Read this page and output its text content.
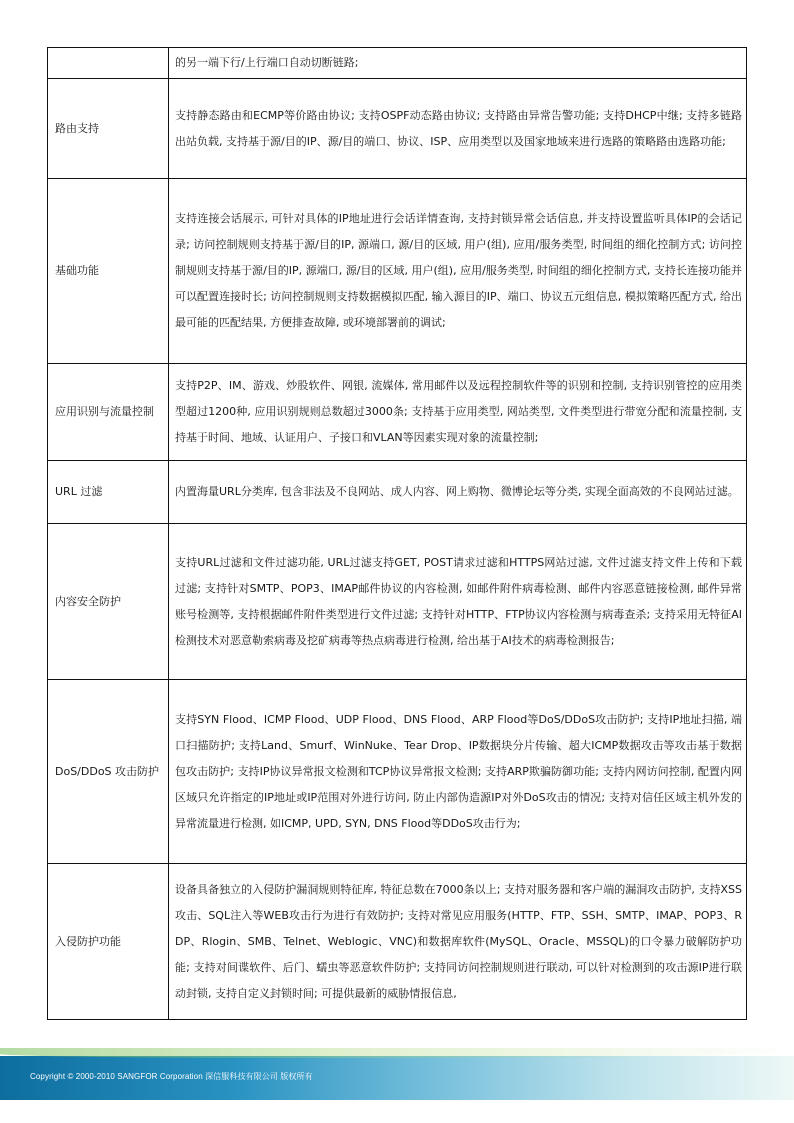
	的另一端下行/上行端口自动切断链路;
路由支持	支持静态路由和ECMP等价路由协议; 支持OSPF动态路由协议; 支持路由异常告警功能; 支持DHCP中继; 支持多链路出站负载, 支持基于源/目的IP、源/目的端口、协议、ISP、应用类型以及国家地域来进行选路的策略路由选路功能;
基础功能	支持连接会话展示, 可针对具体的IP地址进行会话详情查询, 支持封锁异常会话信息, 并支持设置监听具体IP的会话记录; 访问控制规则支持基于源/目的IP, 源端口, 源/目的区域, 用户(组), 应用/服务类型, 时间组的细化控制方式; 访问控制规则支持基于源/目的IP, 源端口, 源/目的区域, 用户(组), 应用/服务类型, 时间组的细化控制方式, 支持长连接功能并可以配置连接时长; 访问控制规则支持数据模拟匹配, 输入源目的IP、端口、协议五元组信息, 模拟策略匹配方式, 给出最可能的匹配结果, 方便排查故障, 或环境部署前的调试;
应用识别与流量控制	支持P2P、IM、游戏、炒股软件、网银, 流媒体, 常用邮件以及远程控制软件等的识别和控制, 支持识别管控的应用类型超过1200种, 应用识别规则总数超过3000条; 支持基于应用类型, 网站类型, 文件类型进行带宽分配和流量控制, 支持基于时间、地域、认证用户、子接口和VLAN等因素实现对象的流量控制;
URL 过滤	内置海量URL分类库, 包含非法及不良网站、成人内容、网上购物、微博论坛等分类, 实现全面高效的不良网站过滤。
内容安全防护	支持URL过滤和文件过滤功能, URL过滤支持GET, POST请求过滤和HTTPS网站过滤, 文件过滤支持文件上传和下载过滤; 支持针对SMTP、POP3、IMAP邮件协议的内容检测, 如邮件附件病毒检测、邮件内容恶意链接检测, 邮件异常账号检测等, 支持根据邮件附件类型进行文件过滤; 支持针对HTTP、FTP协议内容检测与病毒查杀; 支持采用无特征AI检测技术对恶意勒索病毒及挖矿病毒等热点病毒进行检测, 给出基于AI技术的病毒检测报告;
DoS/DDoS 攻击防护	支持SYN Flood、ICMP Flood、UDP Flood、DNS Flood、ARP Flood等DoS/DDoS攻击防护; 支持IP地址扫描, 端口扫描防护; 支持Land、Smurf、WinNuke、Tear Drop、IP数据块分片传输、超大ICMP数据攻击等攻击基于数据包攻击防护; 支持IP协议异常报文检测和TCP协议异常报文检测; 支持ARP欺骗防御功能; 支持内网访问控制, 配置内网区域只允许指定的IP地址或IP范围对外进行访问, 防止内部伪造源IP对外DoS攻击的情况; 支持对信任区域主机外发的异常流量进行检测, 如ICMP, UPD, SYN, DNS Flood等DDoS攻击行为;
入侵防护功能	设备具备独立的入侵防护漏洞规则特征库, 特征总数在7000条以上; 支持对服务器和客户端的漏洞攻击防护, 支持XSS攻击、SQL注入等WEB攻击行为进行有效防护; 支持对常见应用服务(HTTP、FTP、SSH、SMTP、IMAP、POP3、RDP、Rlogin、SMB、Telnet、Weblogic、VNC)和数据库软件(MySQL、Oracle、MSSQL)的口令暴力破解防护功能; 支持对间谍软件、后门、蠕虫等恶意软件防护; 支持同访问控制规则进行联动, 可以针对检测到的攻击源IP进行联动封锁, 支持自定义封锁时间; 可提供最新的威胁情报信息,
Copyright © 2000-2010 SANGFOR Corporation 深信服科技有限公司 版权所有
